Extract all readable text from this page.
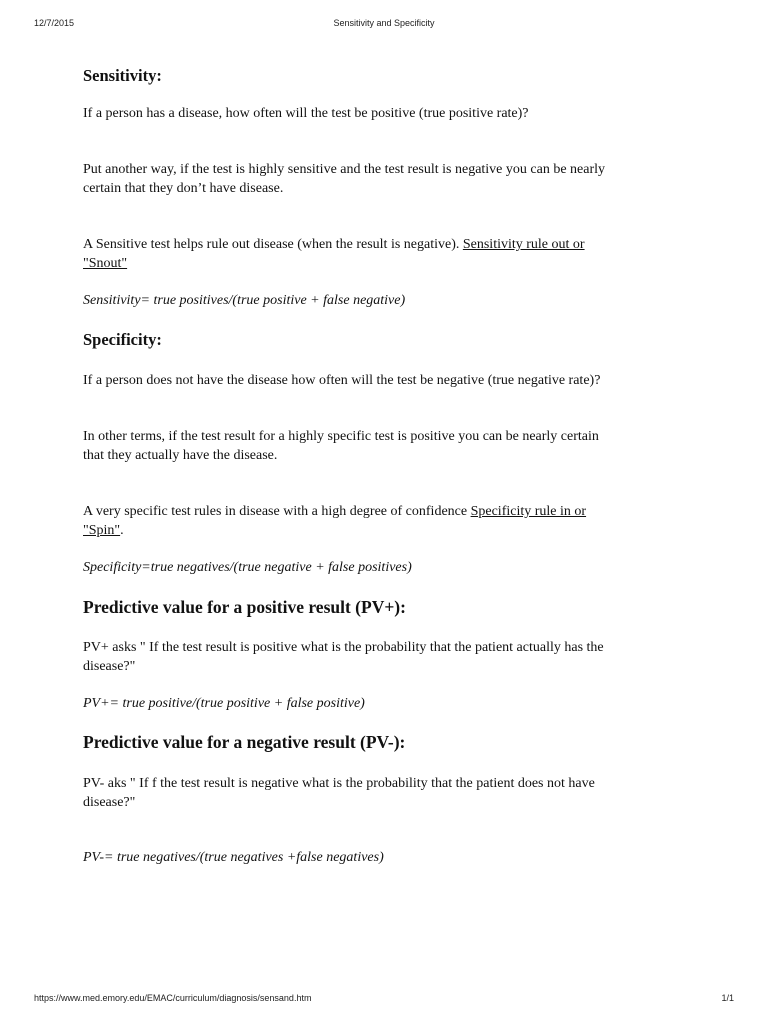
12/7/2015	Sensitivity and Specificity

Sensitivity:

If a person has a disease, how often will the test be positive (true positive rate)?

Put another way, if the test is highly sensitive and the test result is negative you can be nearly

certain that they don’t have disease.

A Sensitive test helps rule out disease (when the result is negative). Sensitivity rule out or

"Snout"

Sensitivity= true positives/(true positive + false negative)

Specificity:

If a person does not have the disease how often will the test be negative (true negative rate)?

In other terms, if the test result for a highly specific test is positive you can be nearly certain

that they actually have the disease.

A very specific test rules in disease with a high degree of confidence Specificity rule in or

"Spin".

Specificity=true negatives/(true negative + false positives)

Predictive value for a positive result (PV+):

PV+ asks " If the test result is positive what is the probability that the patient actually has the

disease?"

PV+= true positive/(true positive + false positive)

Predictive value for a negative result (PV-):

PV- aks " If f the test result is negative what is the probability that the patient does not have

disease?"

PV-= true negatives/(true negatives +false negatives)

https://www.med.emory.edu/EMAC/curriculum/diagnosis/sensand.htm	1/1
